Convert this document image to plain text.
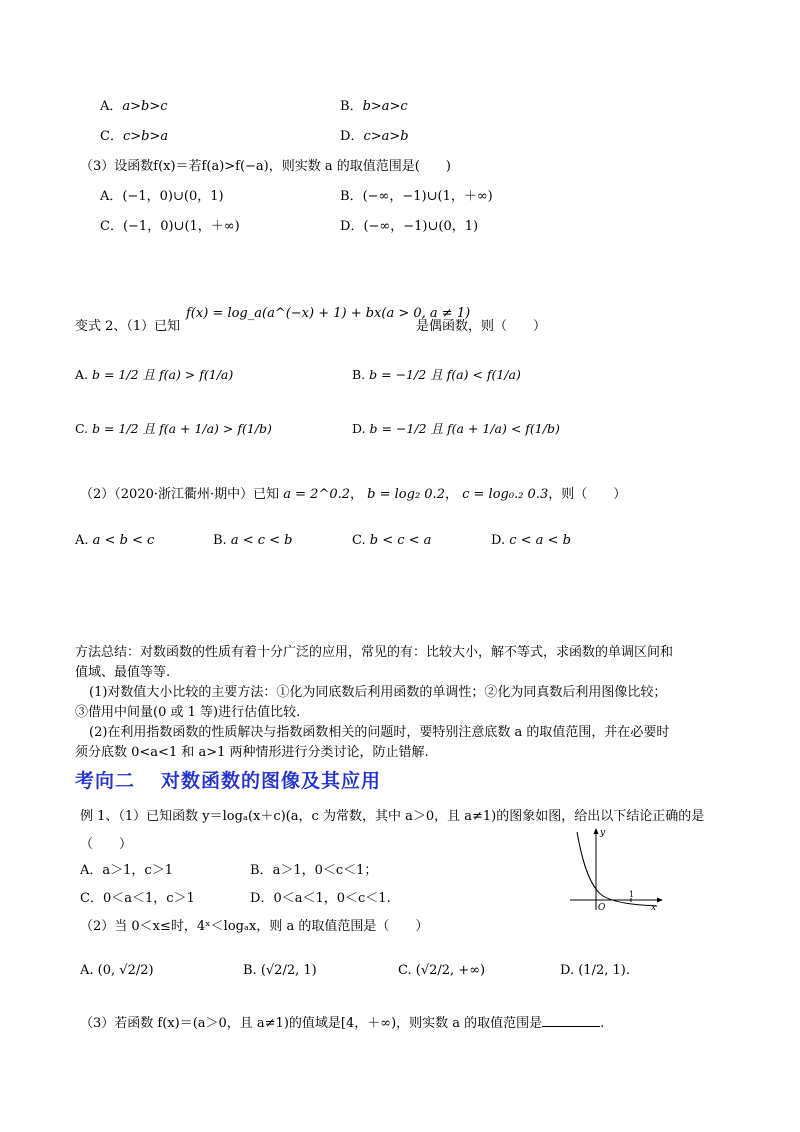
A．a>b>c	B．b>a>c
C．c>b>a	D．c>a>b
（3）设函数f(x)＝若f(a)>f(−a)，则实数 a 的取值范围是(　　)
A．(−1，0)∪(0，1)	B．(−∞，−1)∪(1，＋∞)
C．(−1，0)∪(1，＋∞)	D．(−∞，−1)∪(0，1)
变式 2、（1）已知
f(x) = log_a(a^(−x) + 1) + bx(a > 0, a ≠ 1)
是偶函数，则（　　）
A. b = 1/2 且 f(a) > f(1/a)	B. b = −1/2 且 f(a) < f(1/a)
C. b = 1/2 且 f(a + 1/a) > f(1/b)	D. b = −1/2 且 f(a + 1/a) < f(1/b)
（2）（2020·浙江衢州·期中）已知 a = 2^0.2， b = log₂ 0.2， c = log₀.₂ 0.3，则（　　）
A. a < b < c	B. a < c < b	C. b < c < a	D. c < a < b
方法总结：对数函数的性质有着十分广泛的应用，常见的有：比较大小，解不等式，求函数的单调区间和
值域、最值等等.
(1)对数值大小比较的主要方法：①化为同底数后利用函数的单调性；②化为同真数后利用图像比较；
③借用中间量(0 或 1 等)进行估值比较.
(2)在利用指数函数的性质解决与指数函数相关的问题时，要特别注意底数 a 的取值范围，并在必要时
须分底数 0<a<1 和 a>1 两种情形进行分类讨论，防止错解.
考向二 对数函数的图像及其应用
例 1、（1）已知函数 y＝logₐ(x＋c)(a，c 为常数，其中 a＞0，且 a≠1)的图象如图，给出以下结论正确的是
（　　）
A．a＞1，c＞1	B．a＞1，0＜c＜1；
C．0＜a＜1，c＞1	D．0＜a＜1，0＜c＜1.
y
x
O
1
（2）当 0＜x≤时，4ˣ＜logₐx，则 a 的取值范围是（　　）
A. (0, √2/2)	B. (√2/2, 1)	C. (√2/2, +∞)	D. (1/2, 1).
（3）若函数 f(x)＝(a＞0，且 a≠1)的值域是[4，＋∞)，则实数 a 的取值范围是	.
